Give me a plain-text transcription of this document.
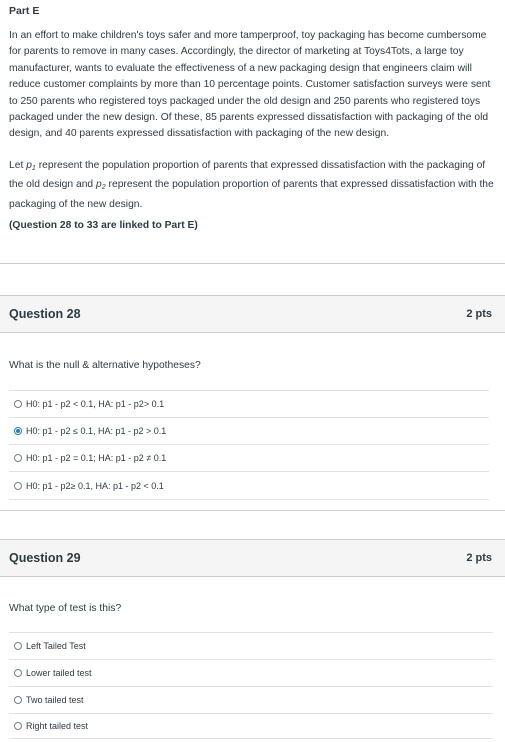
Part E

In an effort to make children's toys safer and more tamperproof, toy packaging has become cumbersome for parents to remove in many cases. Accordingly, the director of marketing at Toys4Tots, a large toy manufacturer, wants to evaluate the effectiveness of a new packaging design that engineers claim will reduce customer complaints by more than 10 percentage points. Customer satisfaction surveys were sent to 250 parents who registered toys packaged under the old design and 250 parents who registered toys packaged under the new design. Of these, 85 parents expressed dissatisfaction with packaging of the old design, and 40 parents expressed dissatisfaction with packaging of the new design.

Let $p_1$ represent the population proportion of parents that expressed dissatisfaction with the packaging of the old design and $p_2$ represent the population proportion of parents that expressed dissatisfaction with the packaging of the new design.

(Question 28 to 33 are linked to Part E)

Question 28	2 pts

What is the null & alternative hypotheses?

H0: p1 - p2 < 0.1, HA: p1 - p2> 0.1
H0: p1 - p2 ≤ 0.1, HA: p1 - p2 > 0.1
H0: p1 - p2 = 0.1; HA: p1 - p2 ≠ 0.1
H0: p1 - p2≥ 0.1, HA: p1 - p2 < 0.1
Question 29	2 pts

What type of test is this?

Left Tailed Test
Lower tailed test
Two tailed test
Right tailed test
